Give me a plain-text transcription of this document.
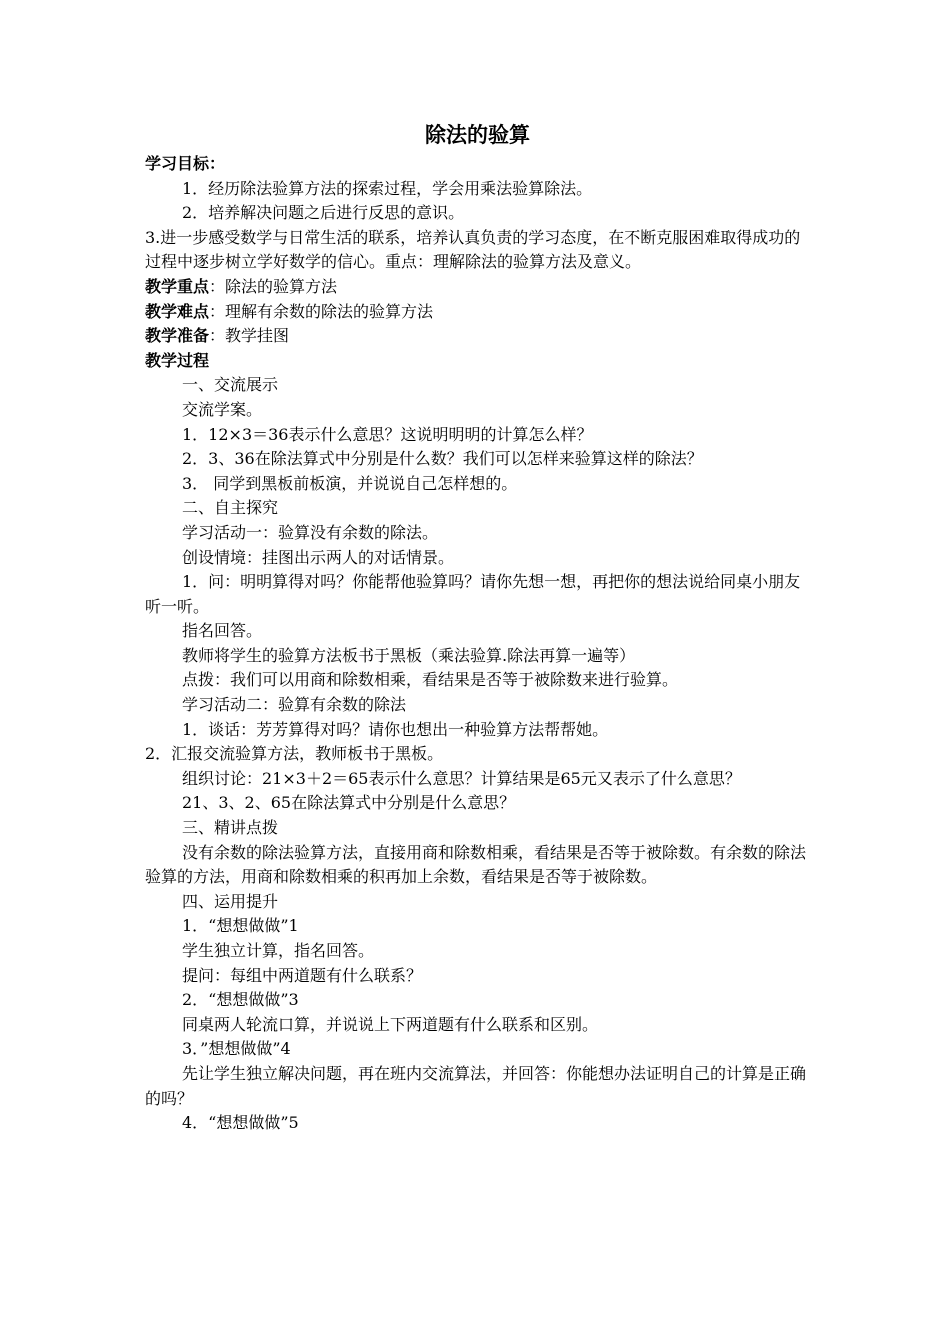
除法的验算

学习目标：

1．经历除法验算方法的探索过程，学会用乘法验算除法。

2．培养解决问题之后进行反思的意识。

3.进一步感受数学与日常生活的联系，培养认真负责的学习态度，在不断克服困难取得成功的过程中逐步树立学好数学的信心。重点：理解除法的验算方法及意义。

教学重点：除法的验算方法

教学难点：理解有余数的除法的验算方法

教学准备：教学挂图

教学过程

一、交流展示

交流学案。

1．12×3＝36表示什么意思？这说明明明的计算怎么样？

2．3、36在除法算式中分别是什么数？我们可以怎样来验算这样的除法？

3． 同学到黑板前板演，并说说自己怎样想的。

二、自主探究

学习活动一：验算没有余数的除法。

创设情境：挂图出示两人的对话情景。

1．问：明明算得对吗？你能帮他验算吗？请你先想一想，再把你的想法说给同桌小朋友听一听。

指名回答。

教师将学生的验算方法板书于黑板（乘法验算.除法再算一遍等）

点拨：我们可以用商和除数相乘，看结果是否等于被除数来进行验算。

学习活动二：验算有余数的除法

1．谈话：芳芳算得对吗？请你也想出一种验算方法帮帮她。

2．汇报交流验算方法，教师板书于黑板。

组织讨论：21×3＋2＝65表示什么意思？计算结果是65元又表示了什么意思？

21、3、2、65在除法算式中分别是什么意思？

三、精讲点拨

没有余数的除法验算方法，直接用商和除数相乘，看结果是否等于被除数。有余数的除法验算的方法，用商和除数相乘的积再加上余数，看结果是否等于被除数。

四、运用提升

1．“想想做做”1

学生独立计算，指名回答。

提问：每组中两道题有什么联系？

2．“想想做做”3

同桌两人轮流口算，并说说上下两道题有什么联系和区别。

3．”想想做做”4

先让学生独立解决问题，再在班内交流算法，并回答：你能想办法证明自己的计算是正确的吗？

4．“想想做做”5
